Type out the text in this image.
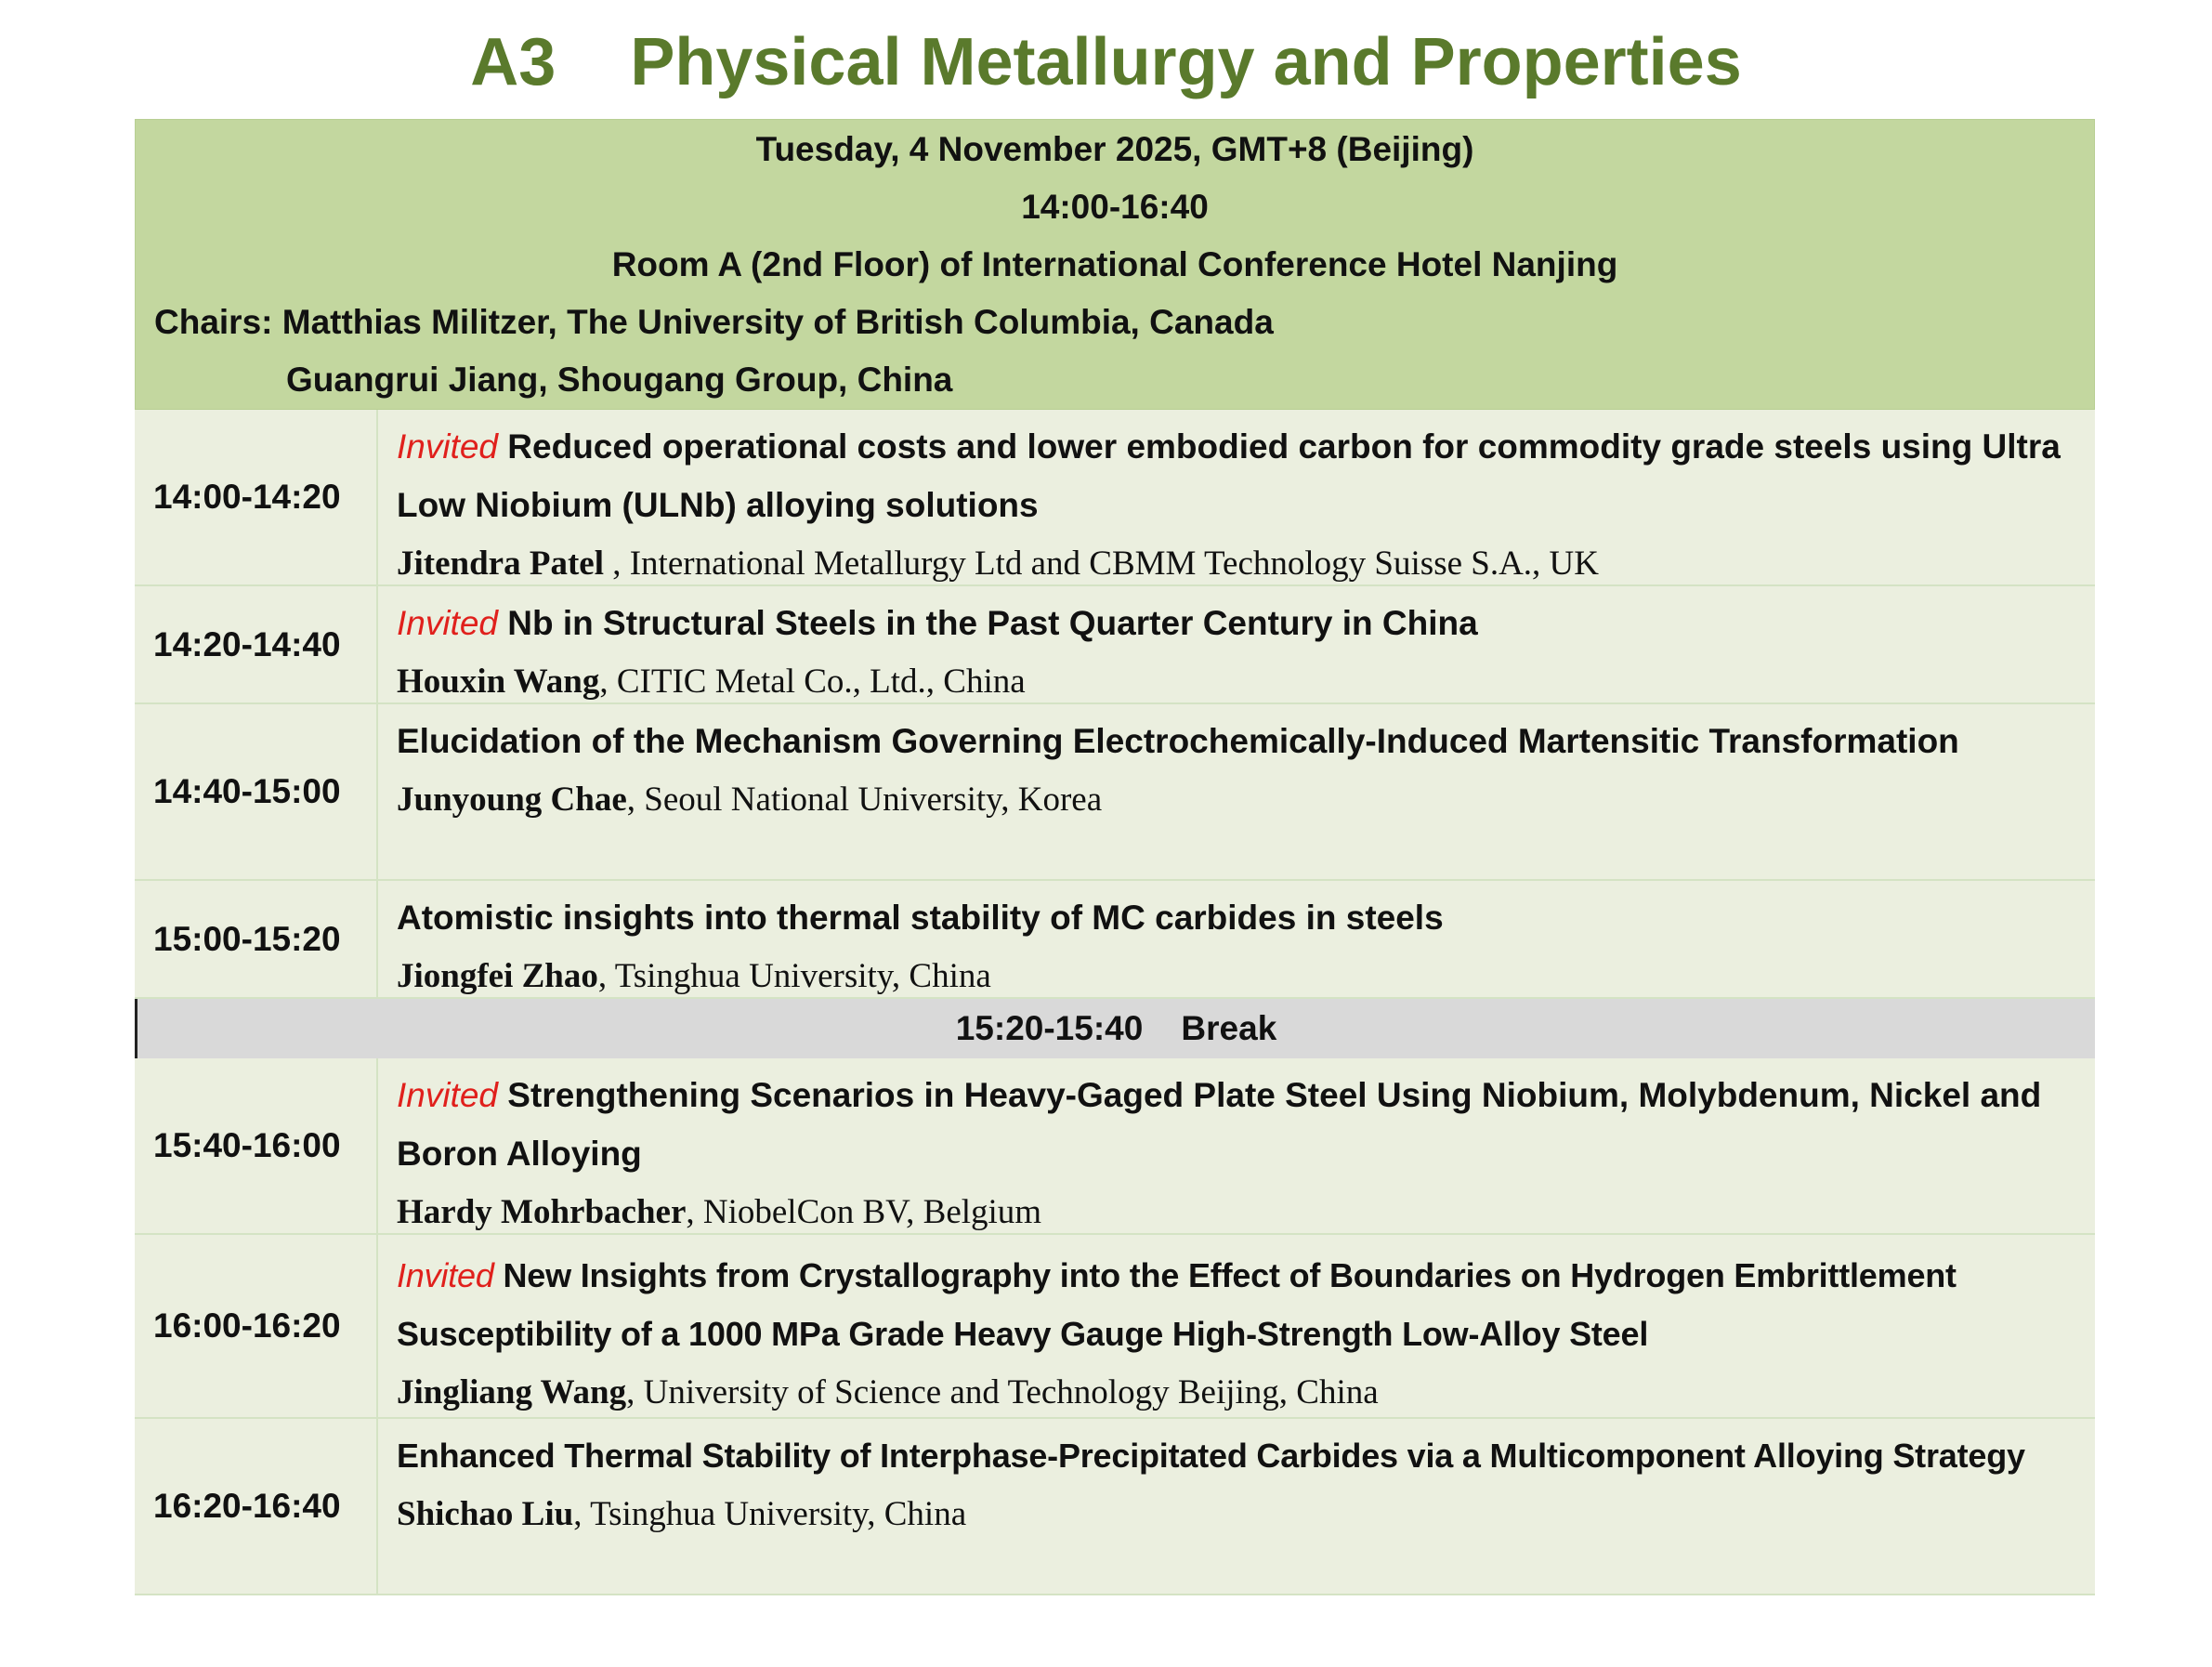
A3 Physical Metallurgy and Properties
Tuesday, 4 November 2025, GMT+8 (Beijing)
14:00-16:40
Room A (2nd Floor) of International Conference Hotel Nanjing
Chairs: Matthias Militzer, The University of British Columbia, Canada
Guangrui Jiang, Shougang Group, China
14:00-14:20
Invited Reduced operational costs and lower embodied carbon for commodity grade steels using Ultra Low Niobium (ULNb) alloying solutions
Jitendra Patel , International Metallurgy Ltd and CBMM Technology Suisse S.A., UK
14:20-14:40
Invited Nb in Structural Steels in the Past Quarter Century in China
Houxin Wang, CITIC Metal Co., Ltd., China
14:40-15:00
Elucidation of the Mechanism Governing Electrochemically-Induced Martensitic Transformation
Junyoung Chae, Seoul National University, Korea
15:00-15:20
Atomistic insights into thermal stability of MC carbides in steels
Jiongfei Zhao, Tsinghua University, China
15:20-15:40    Break
15:40-16:00
Invited Strengthening Scenarios in Heavy-Gaged Plate Steel Using Niobium, Molybdenum, Nickel and Boron Alloying
Hardy Mohrbacher, NiobelCon BV, Belgium
16:00-16:20
Invited New Insights from Crystallography into the Effect of Boundaries on Hydrogen Embrittlement Susceptibility of a 1000 MPa Grade Heavy Gauge High-Strength Low-Alloy Steel
Jingliang Wang, University of Science and Technology Beijing, China
16:20-16:40
Enhanced Thermal Stability of Interphase-Precipitated Carbides via a Multicomponent Alloying Strategy
Shichao Liu, Tsinghua University, China
